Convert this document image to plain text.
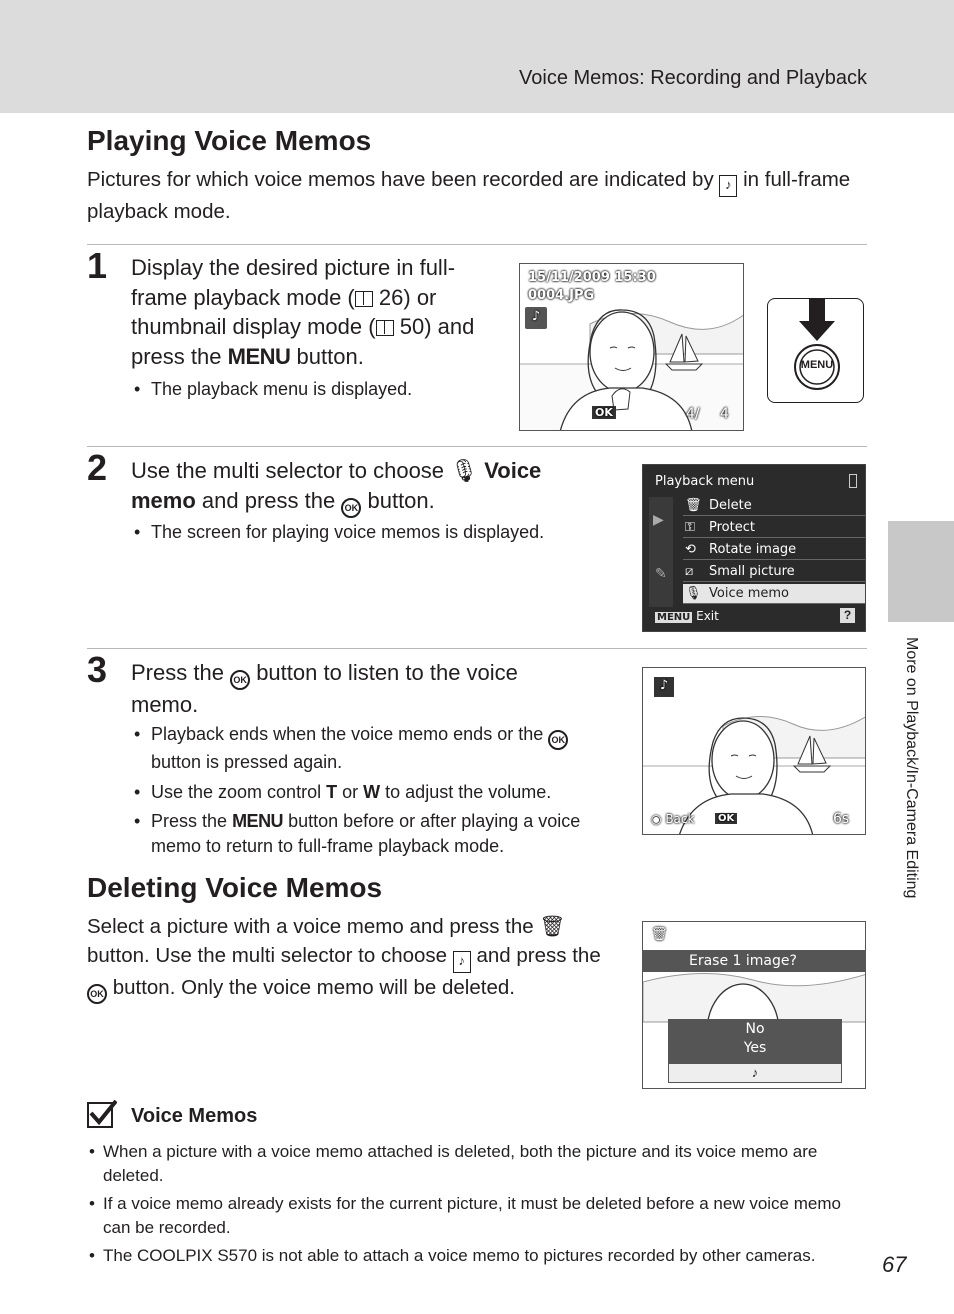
Voice Memos: Recording and Playback
More on Playback/In-Camera Editing
Playing Voice Memos

Pictures for which voice memos have been recorded are indicated by ♪ in full-frame playback mode.

1 Display the desired picture in full-frame playback mode ( 26) or thumbnail display mode ( 50) and press the MENU button.

• The playback menu is displayed.
15/11/2009 15:30
0004.JPG
♪
OK	4/ 4
MENU
2 Use the multi selector to choose 🎙 Voice memo and press the OK button.

• The screen for playing voice memos is displayed.
Playback menu
▶
✎
🗑 Delete
⚿ Protect
⟲ Rotate image
⧄ Small picture
🎙 Voice memo
MENU Exit	?
3 Press the OK button to listen to the voice memo.

• Playback ends when the voice memo ends or the OK button is pressed again.
• Use the zoom control T or W to adjust the volume.
• Press the MENU button before or after playing a voice memo to return to full-frame playback mode.
♪
◉ Back	OK	6s
Deleting Voice Memos

Select a picture with a voice memo and press the 🗑 button. Use the multi selector to choose ♪ and press the OK button. Only the voice memo will be deleted.

🗑
Erase 1 image?
No
Yes
♪
Voice Memos
• When a picture with a voice memo attached is deleted, both the picture and its voice memo are deleted.
• If a voice memo already exists for the current picture, it must be deleted before a new voice memo can be recorded.
• The COOLPIX S570 is not able to attach a voice memo to pictures recorded by other cameras.	67
